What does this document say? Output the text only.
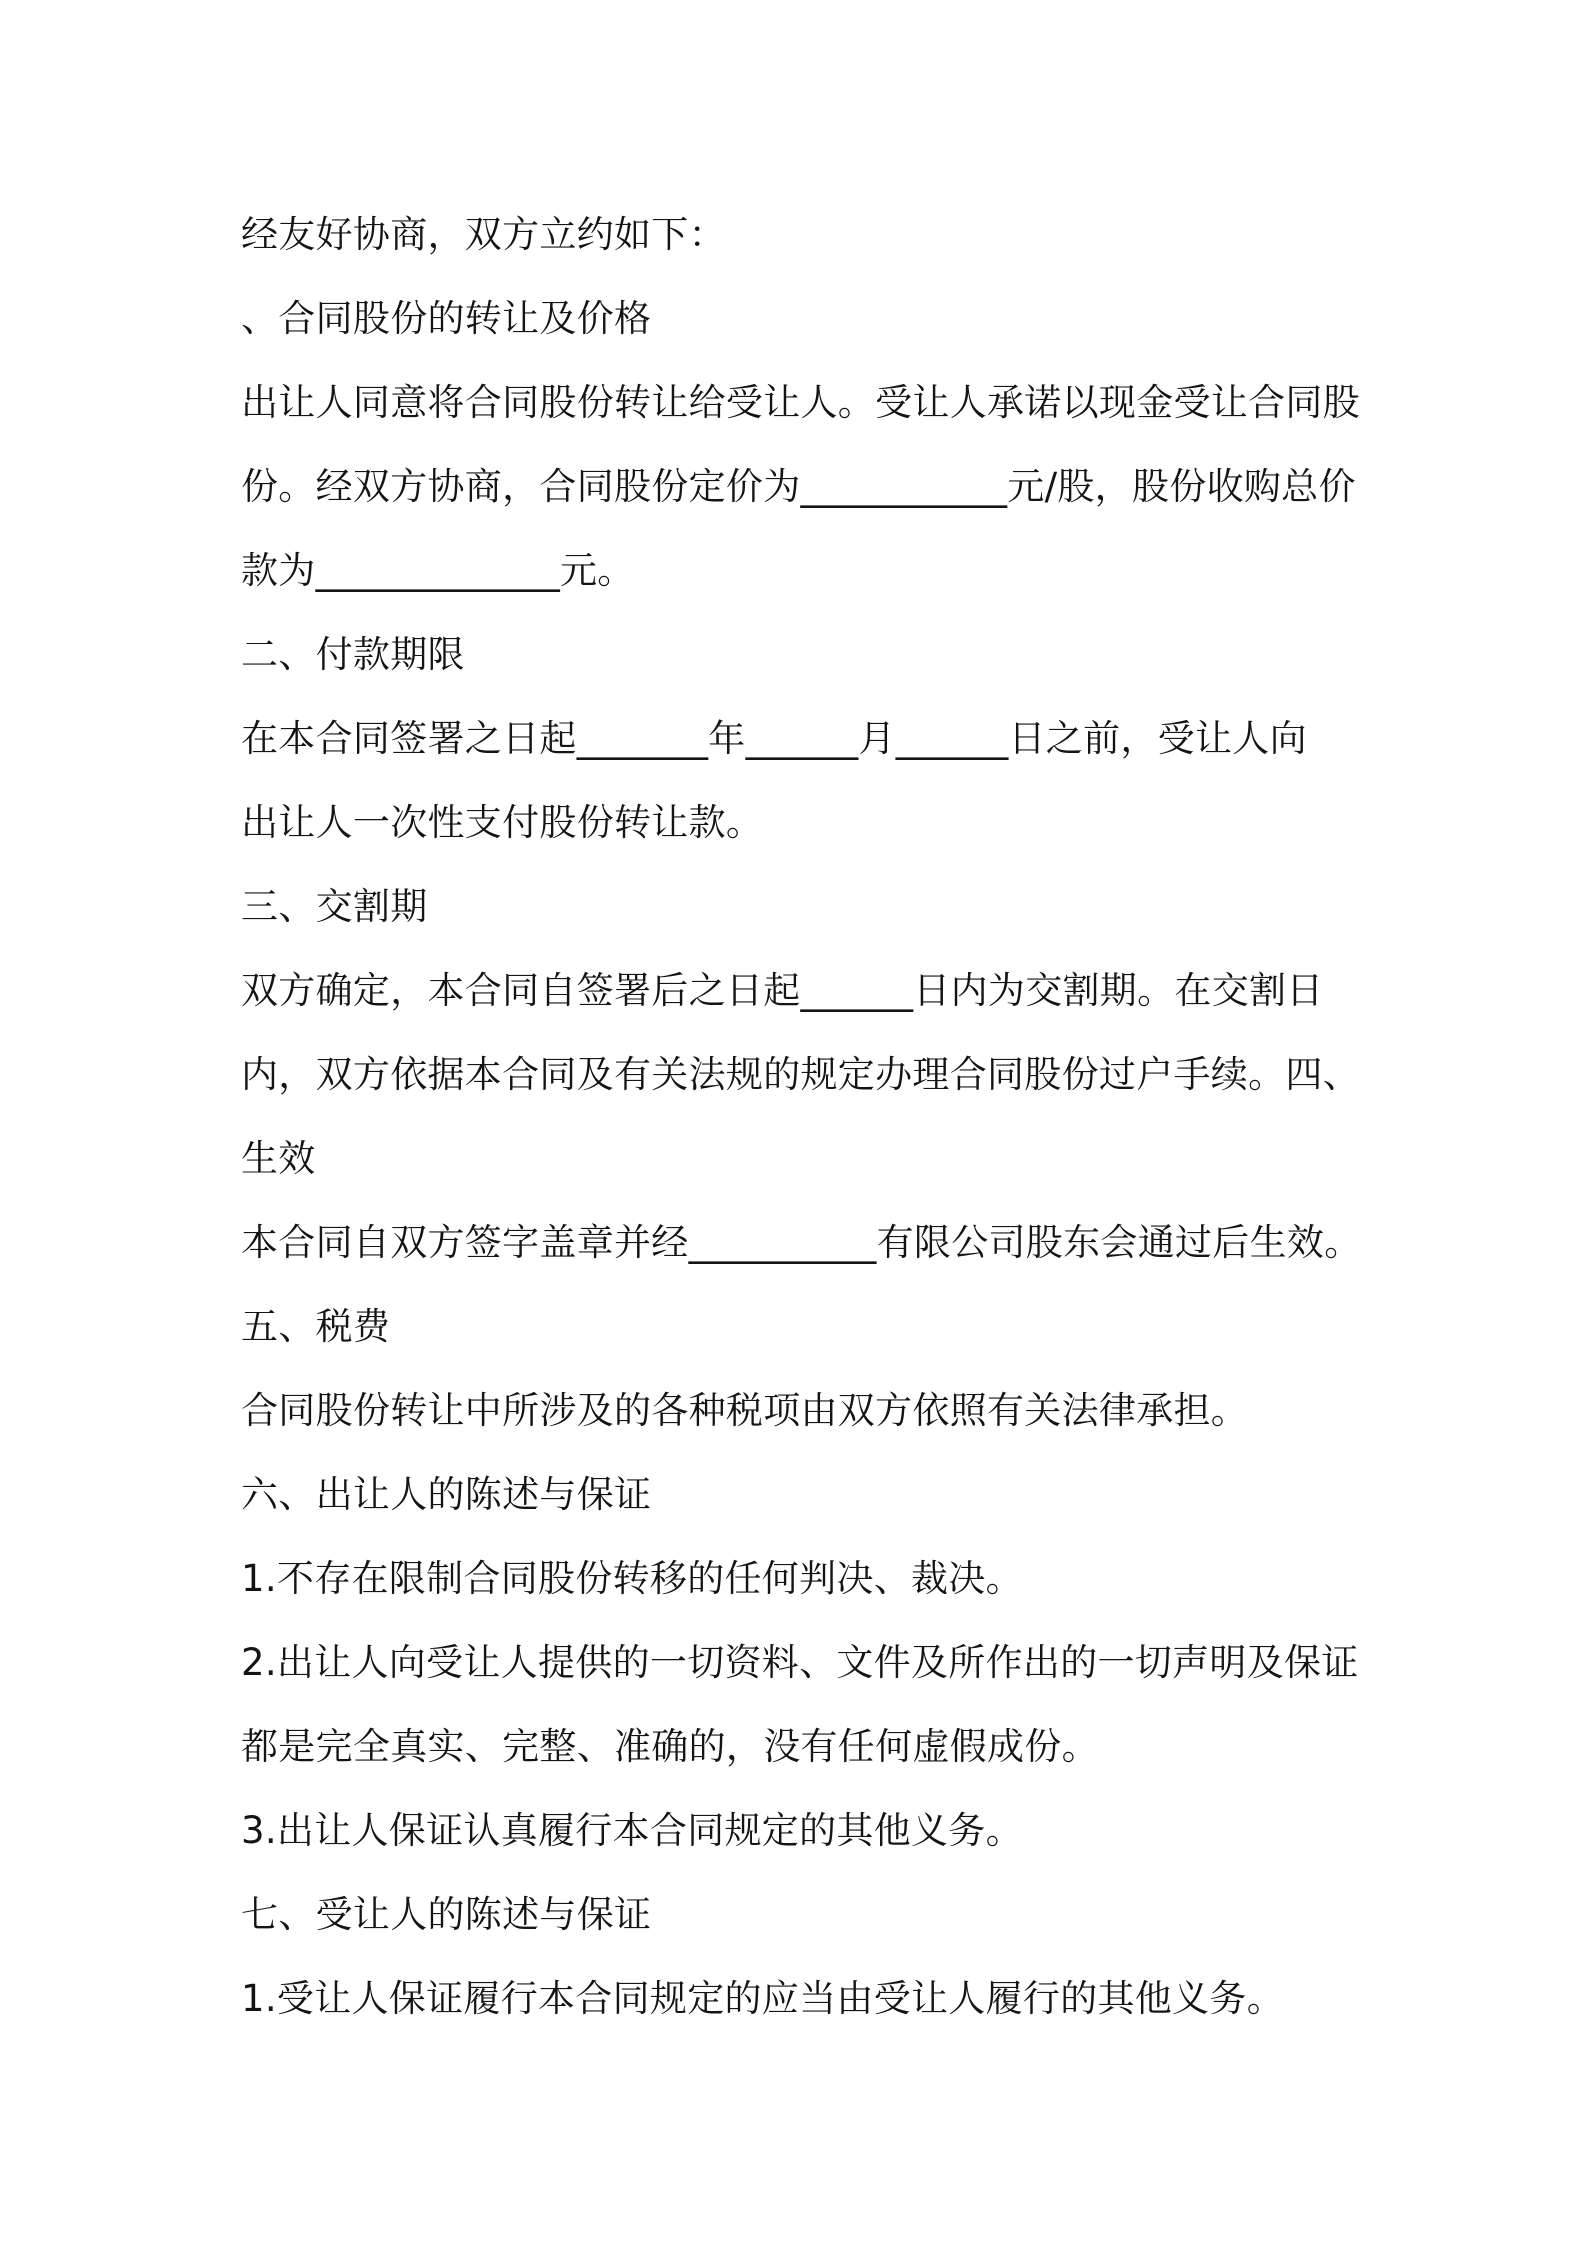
经友好协商，双方立约如下：
、合同股份的转让及价格
出让人同意将合同股份转让给受让人。受让人承诺以现金受让合同股
份。经双方协商，合同股份定价为___________元/股，股份收购总价
款为_____________元。
二、付款期限
在本合同签署之日起_______年______月______日之前，受让人向
出让人一次性支付股份转让款。
三、交割期
双方确定，本合同自签署后之日起______日内为交割期。在交割日
内，双方依据本合同及有关法规的规定办理合同股份过户手续。四、
生效
本合同自双方签字盖章并经__________有限公司股东会通过后生效。
五、税费
合同股份转让中所涉及的各种税项由双方依照有关法律承担。
六、出让人的陈述与保证
1.不存在限制合同股份转移的任何判决、裁决。
2.出让人向受让人提供的一切资料、文件及所作出的一切声明及保证
都是完全真实、完整、准确的，没有任何虚假成份。
3.出让人保证认真履行本合同规定的其他义务。
七、受让人的陈述与保证
1.受让人保证履行本合同规定的应当由受让人履行的其他义务。
